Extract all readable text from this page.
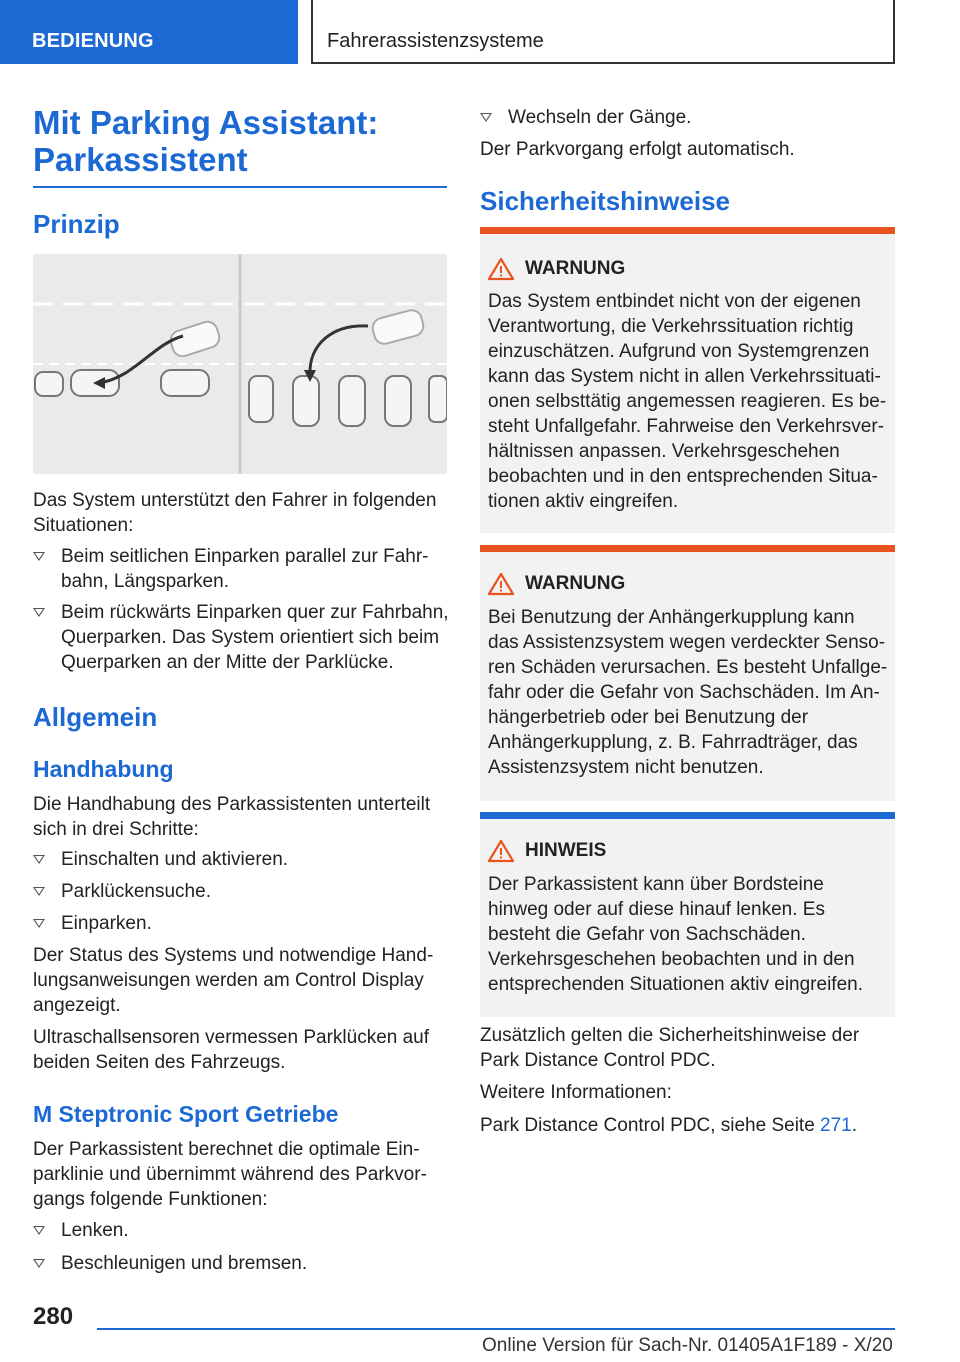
BEDIENUNG	Fahrerassistenzsysteme
Mit Parking Assistant: Parkassistent
Prinzip

Das System unterstützt den Fahrer in folgenden Situationen:

Beim seitlichen Einparken parallel zur Fahrbahn, Längsparken.
Beim rückwärts Einparken quer zur Fahrbahn, Querparken. Das System orientiert sich beim Querparken an der Mitte der Parklücke.
Allgemein
Handhabung

Die Handhabung des Parkassistenten unterteilt sich in drei Schritte:

Einschalten und aktivieren.
Parklückensuche.
Einparken.

Der Status des Systems und notwendige Handlungsanweisungen werden am Control Display angezeigt.

Ultraschallsensoren vermessen Parklücken auf beiden Seiten des Fahrzeugs.

M Steptronic Sport Getriebe

Der Parkassistent berechnet die optimale Einparklinie und übernimmt während des Parkvorgangs folgende Funktionen:

Lenken.
Beschleunigen und bremsen.
Wechseln der Gänge.

Der Parkvorgang erfolgt automatisch.

Sicherheitshinweise
WARNUNG
Das System entbindet nicht von der eigenen Verantwortung, die Verkehrssituation richtig einzuschätzen. Aufgrund von Systemgrenzen kann das System nicht in allen Verkehrssituationen selbsttätig angemessen reagieren. Es besteht Unfallgefahr. Fahrweise den Verkehrsverhältnissen anpassen. Verkehrsgeschehen beobachten und in den entsprechenden Situationen aktiv eingreifen.
WARNUNG
Bei Benutzung der Anhängerkupplung kann das Assistenzsystem wegen verdeckter Sensoren Schäden verursachen. Es besteht Unfallgefahr oder die Gefahr von Sachschäden. Im Anhängerbetrieb oder bei Benutzung der Anhängerkupplung, z. B. Fahrradträger, das Assistenzsystem nicht benutzen.
HINWEIS
Der Parkassistent kann über Bordsteine hinweg oder auf diese hinauf lenken. Es besteht die Gefahr von Sachschäden. Verkehrsgeschehen beobachten und in den entsprechenden Situationen aktiv eingreifen.

Zusätzlich gelten die Sicherheitshinweise der Park Distance Control PDC.

Weitere Informationen:

Park Distance Control PDC, siehe Seite 271.

280
Online Version für Sach-Nr. 01405A1F189 - X/20
